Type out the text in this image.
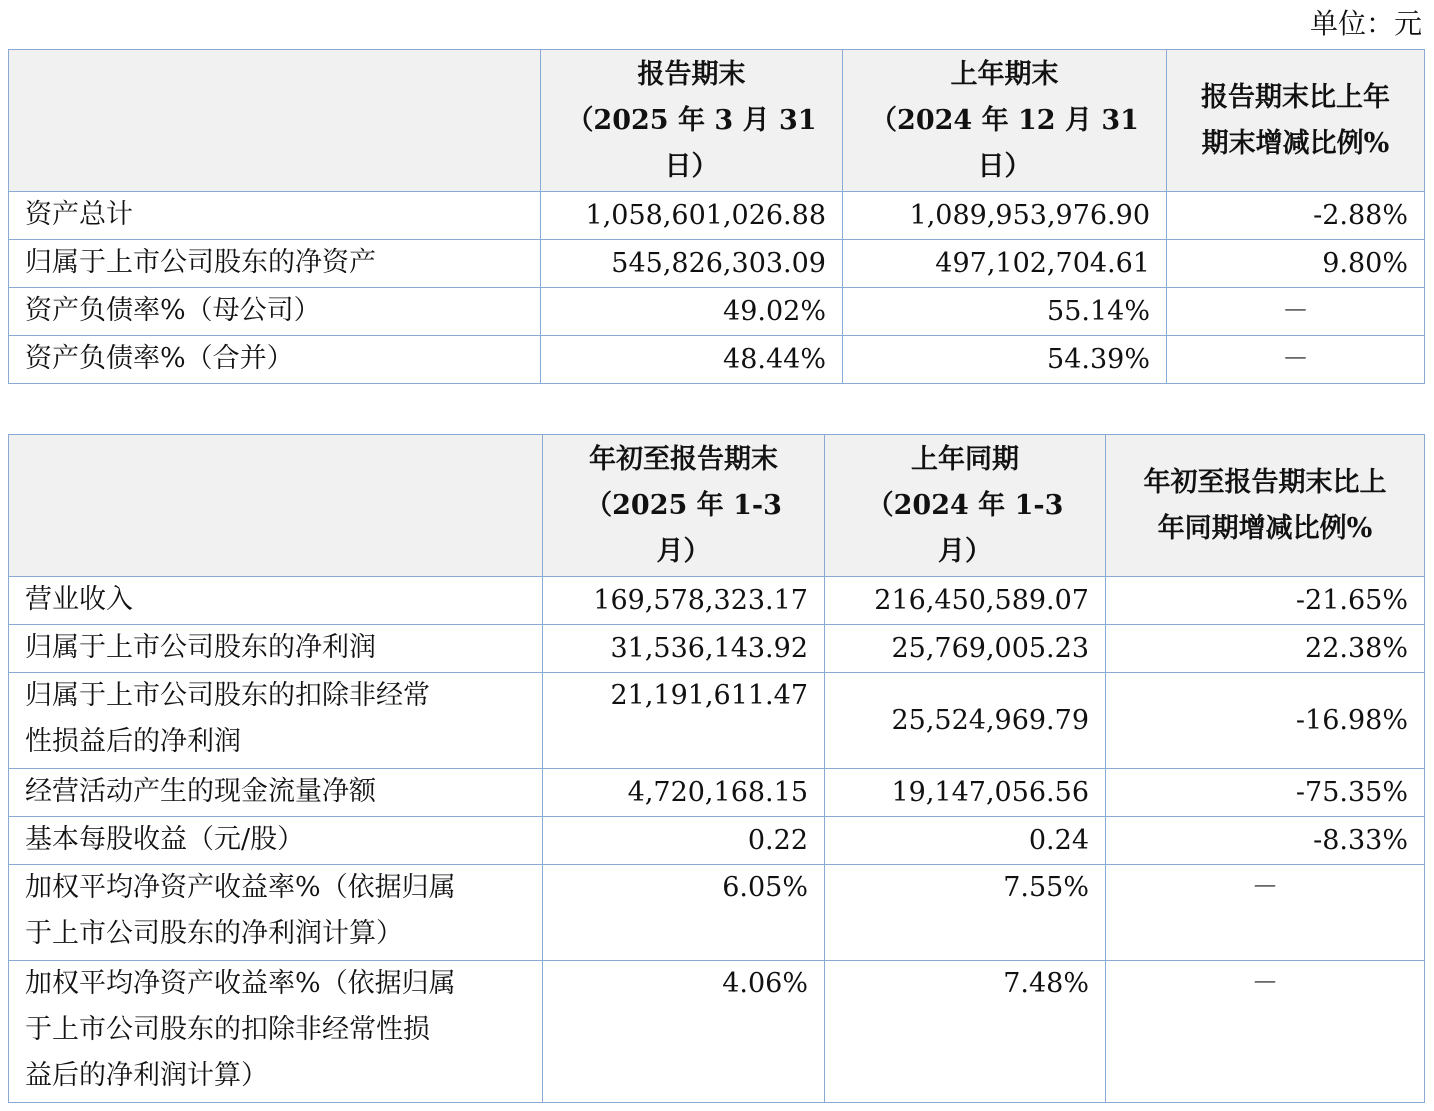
单位：元

	报告期末
（2025 年 3 月 31
日）	上年期末
（2024 年 12 月 31
日）	报告期末比上年
期末增减比例%

资产总计	1,058,601,026.88	1,089,953,976.90	-2.88%
归属于上市公司股东的净资产	545,826,303.09	497,102,704.61	9.80%
资产负债率%（母公司）	49.02%	55.14%	－
资产负债率%（合并）	48.44%	54.39%	－

	年初至报告期末
（2025 年 1-3
月）	上年同期
（2024 年 1-3
月）	年初至报告期末比上
年同期增减比例%

营业收入	169,578,323.17	216,450,589.07	-21.65%
归属于上市公司股东的净利润	31,536,143.92	25,769,005.23	22.38%

归属于上市公司股东的扣除非经常
性损益后的净利润	21,191,611.47	25,524,969.79	-16.98%
经营活动产生的现金流量净额	4,720,168.15	19,147,056.56	-75.35%
基本每股收益（元/股）	0.22	0.24	-8.33%

加权平均净资产收益率%（依据归属
于上市公司股东的净利润计算）	6.05%	7.55%	－

加权平均净资产收益率%（依据归属
于上市公司股东的扣除非经常性损
益后的净利润计算）	4.06%	7.48%	－
